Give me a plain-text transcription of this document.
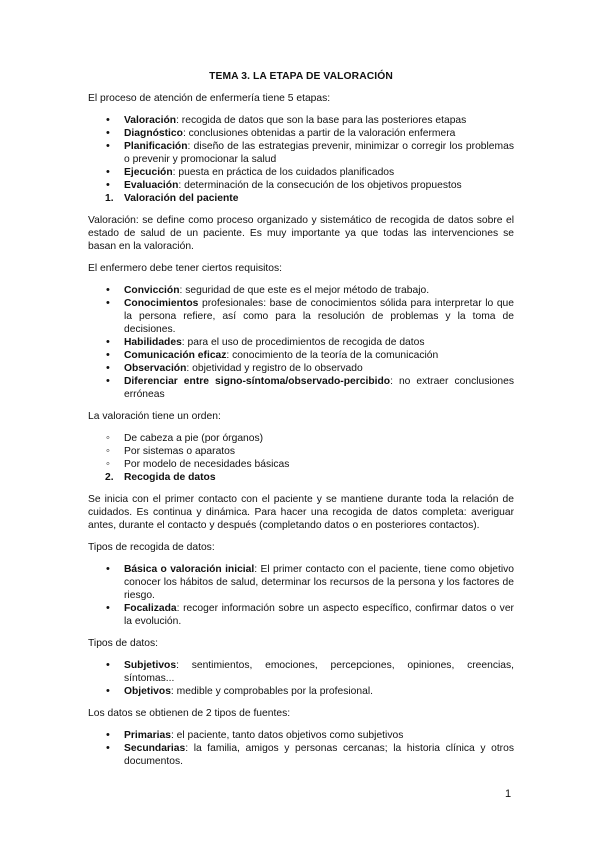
TEMA 3. LA ETAPA DE VALORACIÓN

El proceso de atención de enfermería tiene 5 etapas:

• Valoración: recogida de datos que son la base para las posteriores etapas
• Diagnóstico: conclusiones obtenidas a partir de la valoración enfermera
• Planificación: diseño de las estrategias prevenir, minimizar o corregir los problemas o prevenir y promocionar la salud
• Ejecución: puesta en práctica de los cuidados planificados
• Evaluación: determinación de la consecución de los objetivos propuestos
1. Valoración del paciente

Valoración: se define como proceso organizado y sistemático de recogida de datos sobre el estado de salud de un paciente. Es muy importante ya que todas las intervenciones se basan en la valoración.

El enfermero debe tener ciertos requisitos:

• Convicción: seguridad de que este es el mejor método de trabajo.
• Conocimientos profesionales: base de conocimientos sólida para interpretar lo que la persona refiere, así como para la resolución de problemas y la toma de decisiones.
• Habilidades: para el uso de procedimientos de recogida de datos
• Comunicación eficaz: conocimiento de la teoría de la comunicación
• Observación: objetividad y registro de lo observado
• Diferenciar entre signo-síntoma/observado-percibido: no extraer conclusiones erróneas

La valoración tiene un orden:

◦ De cabeza a pie (por órganos)
◦ Por sistemas o aparatos
◦ Por modelo de necesidades básicas
2. Recogida de datos

Se inicia con el primer contacto con el paciente y se mantiene durante toda la relación de cuidados. Es continua y dinámica. Para hacer una recogida de datos completa: averiguar antes, durante el contacto y después (completando datos o en posteriores contactos).

Tipos de recogida de datos:

• Básica o valoración inicial: El primer contacto con el paciente, tiene como objetivo conocer los hábitos de salud, determinar los recursos de la persona y los factores de riesgo.
• Focalizada: recoger información sobre un aspecto específico, confirmar datos o ver la evolución.

Tipos de datos:

• Subjetivos: sentimientos, emociones, percepciones, opiniones, creencias, síntomas...
• Objetivos: medible y comprobables por la profesional.

Los datos se obtienen de 2 tipos de fuentes:

• Primarias: el paciente, tanto datos objetivos como subjetivos
• Secundarias: la familia, amigos y personas cercanas; la historia clínica y otros documentos.
1
